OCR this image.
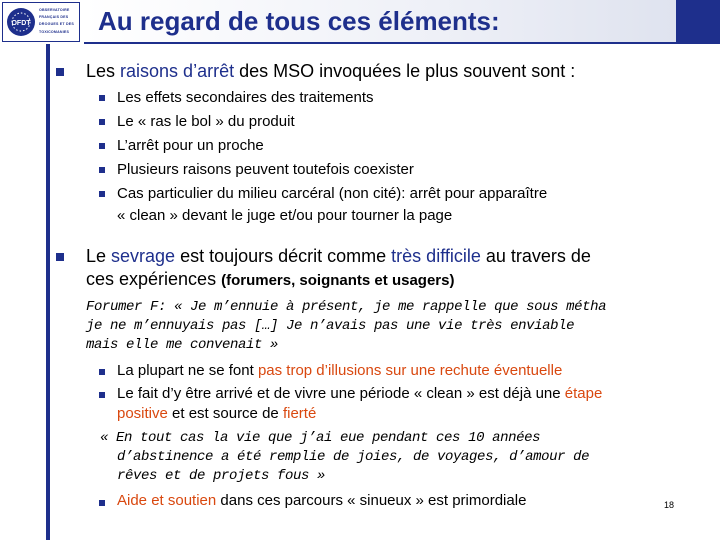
OFDT
OBSERVATOIRE
FRANÇAIS DES
DROGUES ET DES
TOXICOMANIES	Au regard de tous ces éléments:
Les raisons d’arrêt des MSO invoquées le plus souvent sont :
Les effets secondaires des traitements
Le « ras le bol » du produit
L’arrêt pour un proche
Plusieurs raisons peuvent toutefois coexister
Cas particulier du milieu carcéral (non cité): arrêt pour apparaître
« clean » devant le juge et/ou pour tourner la page
Le sevrage est toujours décrit comme très difficile au travers de
ces expériences (forumers, soignants et usagers)
Forumer F: « Je m’ennuie à présent, je me rappelle que sous métha
je ne m’ennuyais pas […] Je n’avais pas une vie très enviable
mais elle me convenait »
La plupart ne se font pas trop d’illusions sur une rechute éventuelle
Le fait d’y être arrivé et de vivre une période « clean » est déjà une étape
positive et est source de fierté
« En tout cas la vie que j’ai eue pendant ces 10 années
d’abstinence a été remplie de joies, de voyages, d’amour de
rêves et de projets fous »
Aide et soutien dans ces parcours « sinueux » est primordiale	18
